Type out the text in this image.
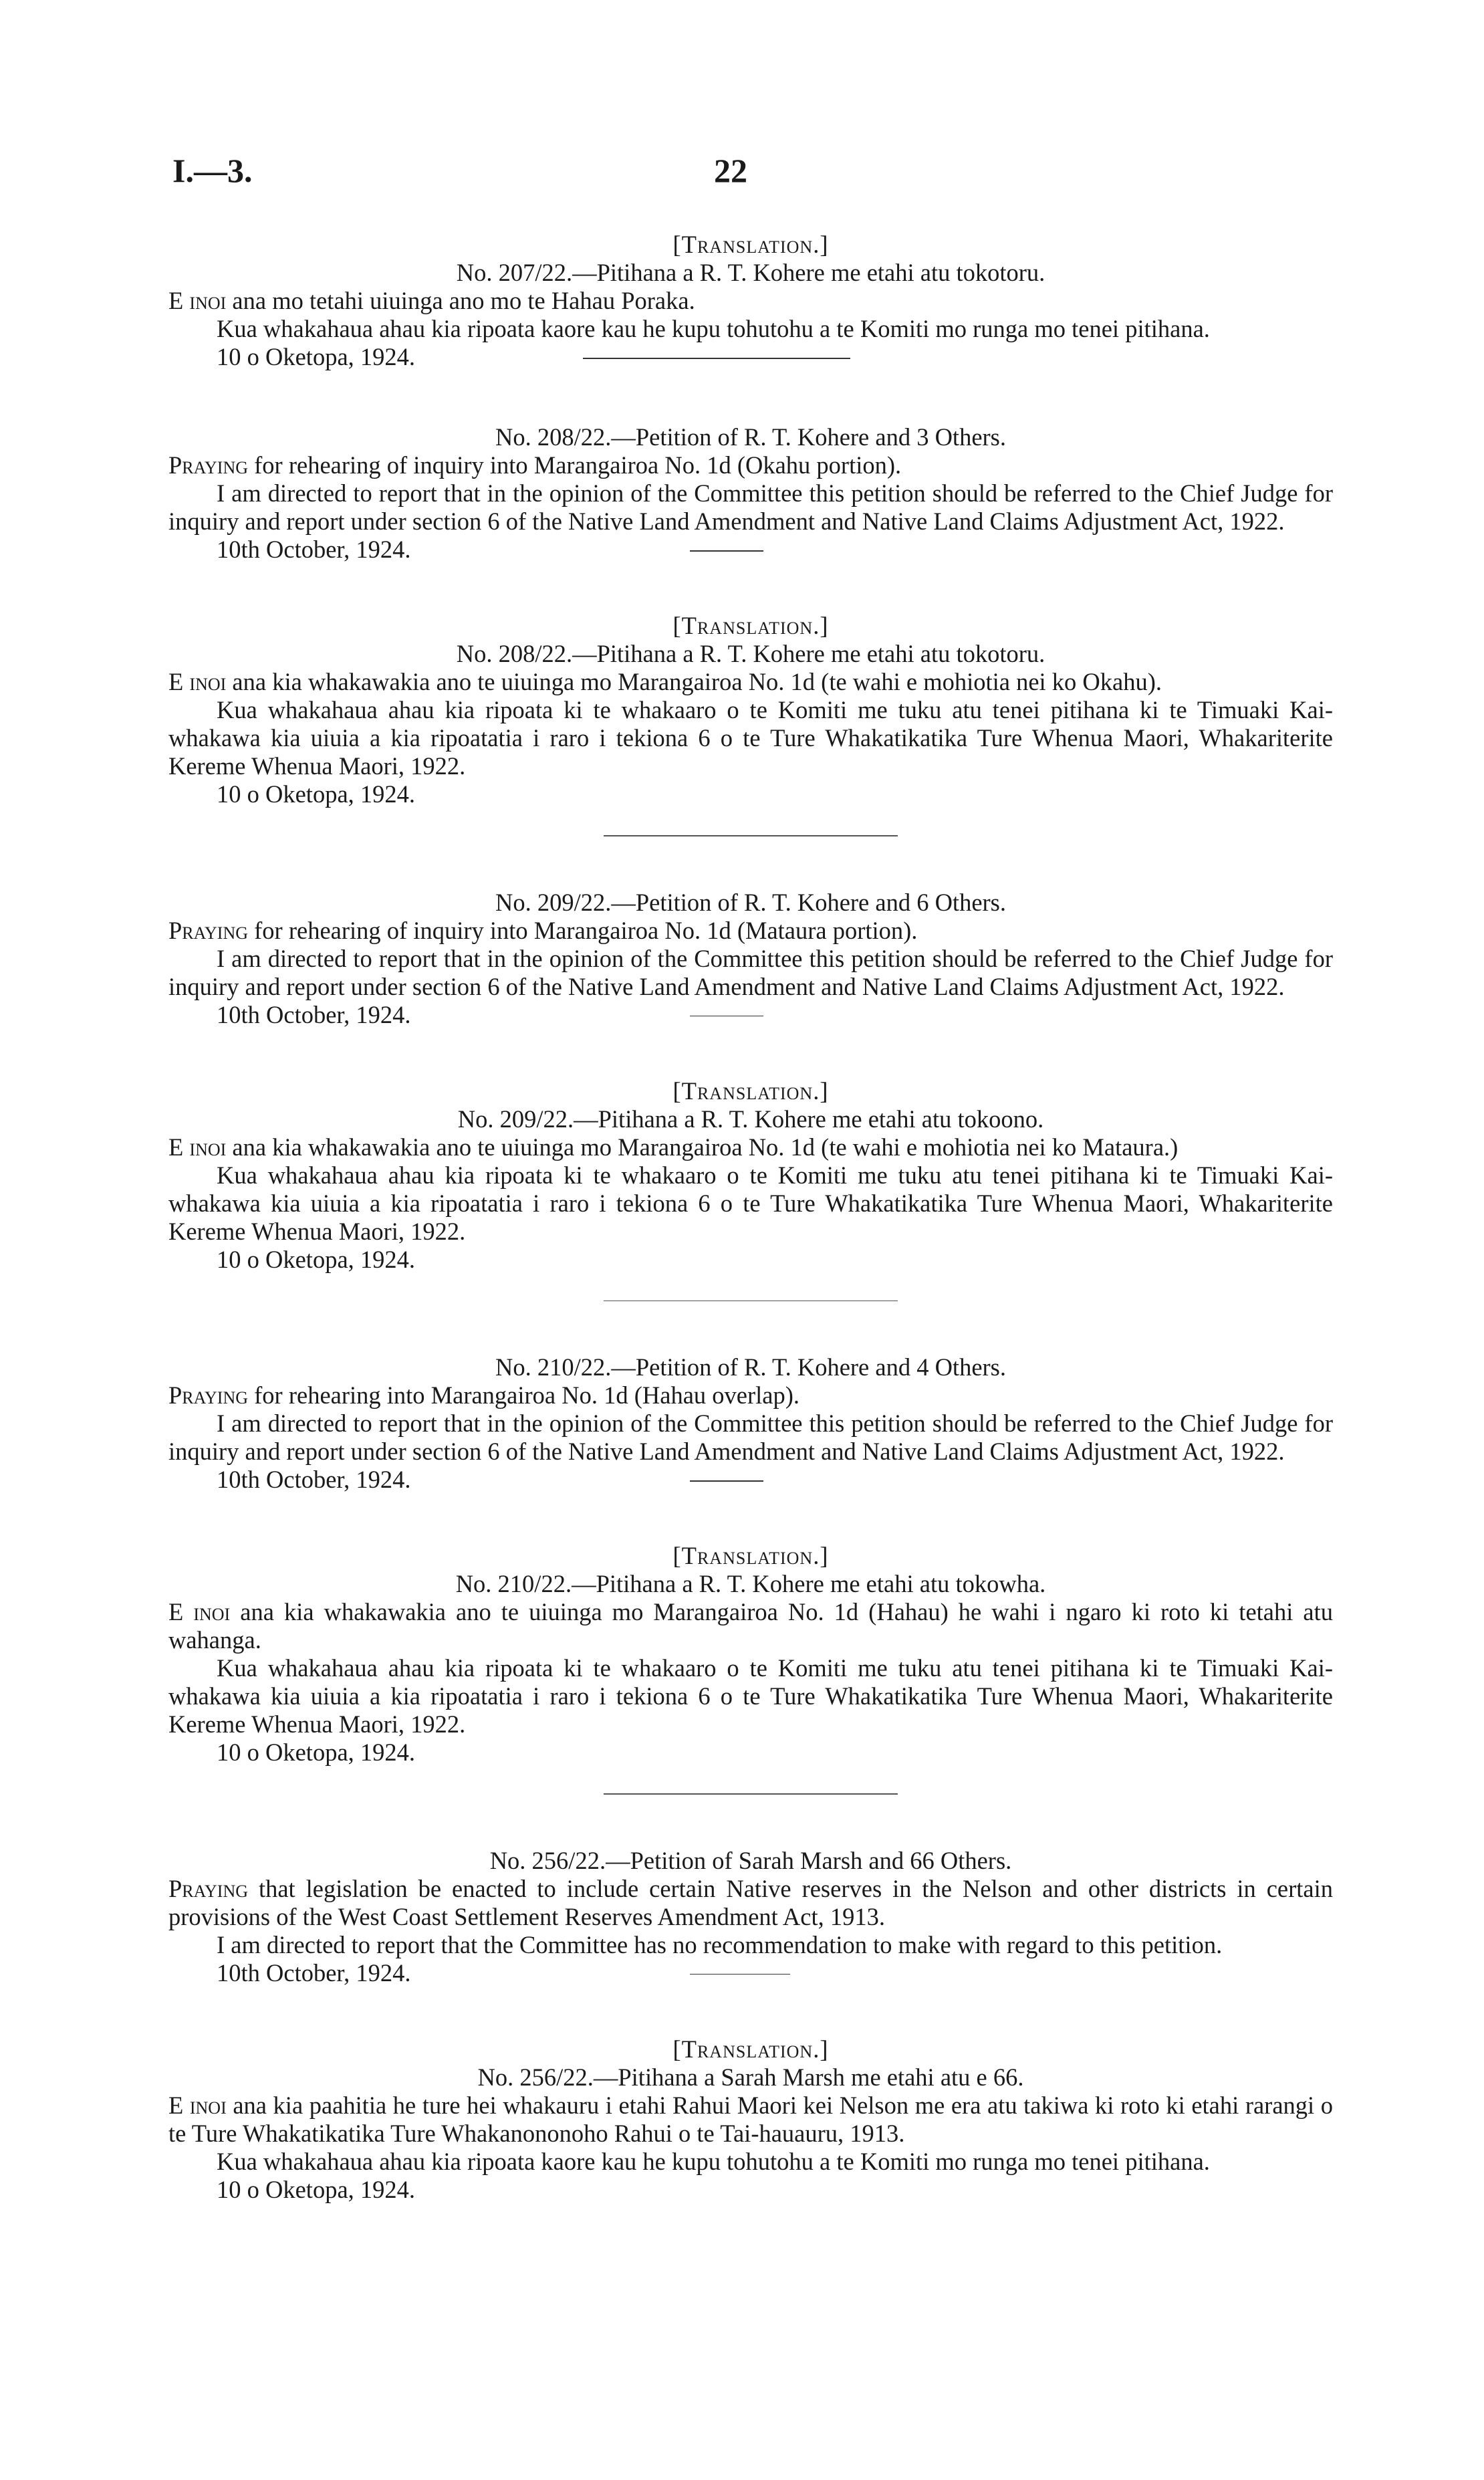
I.—3.	22
[Translation.]
No. 207/22.—Pitihana a R. T. Kohere me etahi atu tokotoru.

E inoi ana mo tetahi uiuinga ano mo te Hahau Poraka.

Kua whakahaua ahau kia ripoata kaore kau he kupu tohutohu a te Komiti mo runga mo tenei pitihana.

10 o Oketopa, 1924.
No. 208/22.—Petition of R. T. Kohere and 3 Others.

Praying for rehearing of inquiry into Marangairoa No. 1d (Okahu portion).

I am directed to report that in the opinion of the Committee this petition should be referred to the Chief Judge for inquiry and report under section 6 of the Native Land Amendment and Native Land Claims Adjustment Act, 1922.

10th October, 1924.
[Translation.]
No. 208/22.—Pitihana a R. T. Kohere me etahi atu tokotoru.

E inoi ana kia whakawakia ano te uiuinga mo Marangairoa No. 1d (te wahi e mohiotia nei ko Okahu).

Kua whakahaua ahau kia ripoata ki te whakaaro o te Komiti me tuku atu tenei pitihana ki te Timuaki Kai-whakawa kia uiuia a kia ripoatatia i raro i tekiona 6 o te Ture Whakatikatika Ture Whenua Maori, Whakariterite Kereme Whenua Maori, 1922.

10 o Oketopa, 1924.
No. 209/22.—Petition of R. T. Kohere and 6 Others.

Praying for rehearing of inquiry into Marangairoa No. 1d (Mataura portion).

I am directed to report that in the opinion of the Committee this petition should be referred to the Chief Judge for inquiry and report under section 6 of the Native Land Amendment and Native Land Claims Adjustment Act, 1922.

10th October, 1924.
[Translation.]
No. 209/22.—Pitihana a R. T. Kohere me etahi atu tokoono.

E inoi ana kia whakawakia ano te uiuinga mo Marangairoa No. 1d (te wahi e mohiotia nei ko Mataura.)

Kua whakahaua ahau kia ripoata ki te whakaaro o te Komiti me tuku atu tenei pitihana ki te Timuaki Kai-whakawa kia uiuia a kia ripoatatia i raro i tekiona 6 o te Ture Whakatikatika Ture Whenua Maori, Whakariterite Kereme Whenua Maori, 1922.

10 o Oketopa, 1924.
No. 210/22.—Petition of R. T. Kohere and 4 Others.

Praying for rehearing into Marangairoa No. 1d (Hahau overlap).

I am directed to report that in the opinion of the Committee this petition should be referred to the Chief Judge for inquiry and report under section 6 of the Native Land Amendment and Native Land Claims Adjustment Act, 1922.

10th October, 1924.
[Translation.]
No. 210/22.—Pitihana a R. T. Kohere me etahi atu tokowha.

E inoi ana kia whakawakia ano te uiuinga mo Marangairoa No. 1d (Hahau) he wahi i ngaro ki roto ki tetahi atu wahanga.

Kua whakahaua ahau kia ripoata ki te whakaaro o te Komiti me tuku atu tenei pitihana ki te Timuaki Kai-whakawa kia uiuia a kia ripoatatia i raro i tekiona 6 o te Ture Whakatikatika Ture Whenua Maori, Whakariterite Kereme Whenua Maori, 1922.

10 o Oketopa, 1924.
No. 256/22.—Petition of Sarah Marsh and 66 Others.

Praying that legislation be enacted to include certain Native reserves in the Nelson and other districts in certain provisions of the West Coast Settlement Reserves Amendment Act, 1913.

I am directed to report that the Committee has no recommendation to make with regard to this petition.

10th October, 1924.
[Translation.]
No. 256/22.—Pitihana a Sarah Marsh me etahi atu e 66.

E inoi ana kia paahitia he ture hei whakauru i etahi Rahui Maori kei Nelson me era atu takiwa ki roto ki etahi rarangi o te Ture Whakatikatika Ture Whakanononoho Rahui o te Tai-hauauru, 1913.

Kua whakahaua ahau kia ripoata kaore kau he kupu tohutohu a te Komiti mo runga mo tenei pitihana.

10 o Oketopa, 1924.
